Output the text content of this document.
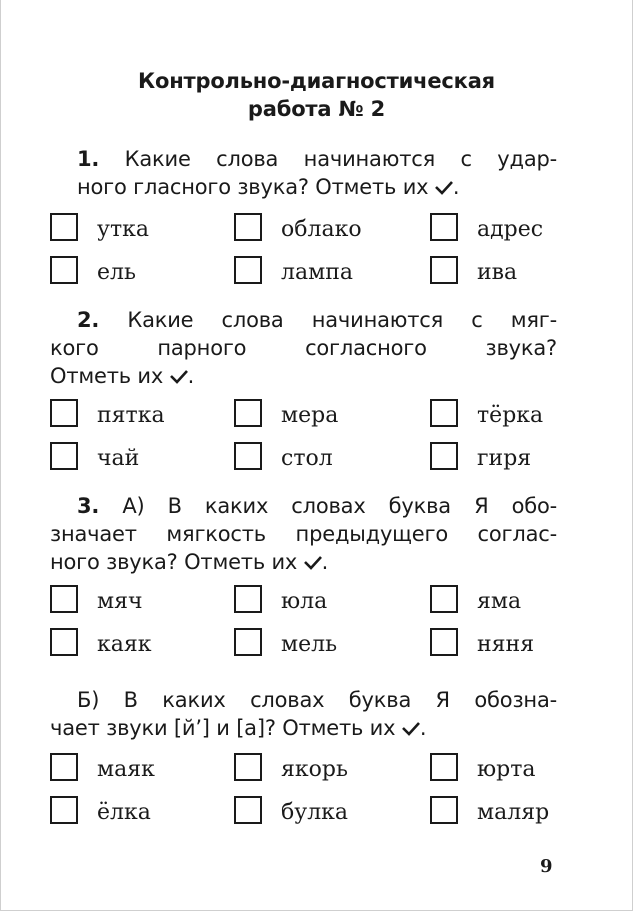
Контрольно-диагностическая
работа № 2
1. Какие слова начинаются с удар-
ного гласного звука? Отметь их .
утка	облако	адрес
ель	лампа	ива
2. Какие слова начинаются с мяг-
кого парного согласного звука?
Отметь их .
пятка	мера	тёрка
чай	стол	гиря
3. А) В каких словах буква Я обо-
значает мягкость предыдущего соглас-
ного звука? Отметь их .
мяч	юла	яма
каяк	мель	няня
Б) В каких словах буква Я обозна-
чает звуки [й’] и [а]? Отметь их .
маяк	якорь	юрта
ёлка	булка	маляр
9
